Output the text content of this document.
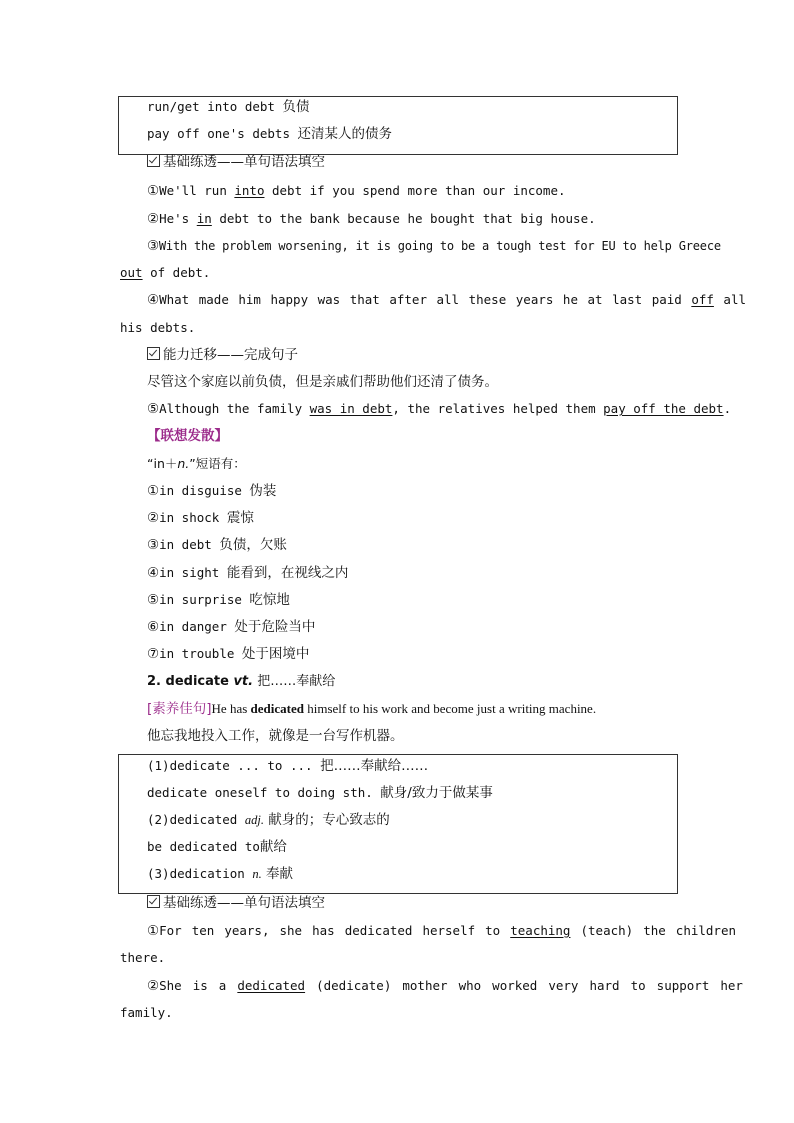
run/get into debt 负债
pay off one's debts 还清某人的债务
基础练透——单句语法填空
①We'll run into debt if you spend more than our income.
②He's in debt to the bank because he bought that big house.
③With the problem worsening, it is going to be a tough test for EU to help Greece
out of debt.
④What made him happy was that after all these years he at last paid off all
his debts.
能力迁移——完成句子
尽管这个家庭以前负债，但是亲戚们帮助他们还清了债务。
⑤Although the family was in debt, the relatives helped them pay off the debt.
【联想发散】
“in＋n.”短语有：
①in disguise 伪装
②in shock 震惊
③in debt 负债，欠账
④in sight 能看到，在视线之内
⑤in surprise 吃惊地
⑥in danger 处于危险当中
⑦in trouble 处于困境中
2. dedicate vt. 把……奉献给
[素养佳句]He has dedicated himself to his work and become just a writing machine.
他忘我地投入工作，就像是一台写作机器。
(1)dedicate ... to ... 把……奉献给……
dedicate oneself to doing sth. 献身/致力于做某事
(2)dedicated adj. 献身的；专心致志的
be dedicated to献给
(3)dedication n. 奉献
基础练透——单句语法填空
①For ten years, she has dedicated herself to teaching (teach) the children
there.
②She is a dedicated (dedicate) mother who worked very hard to support her
family.
